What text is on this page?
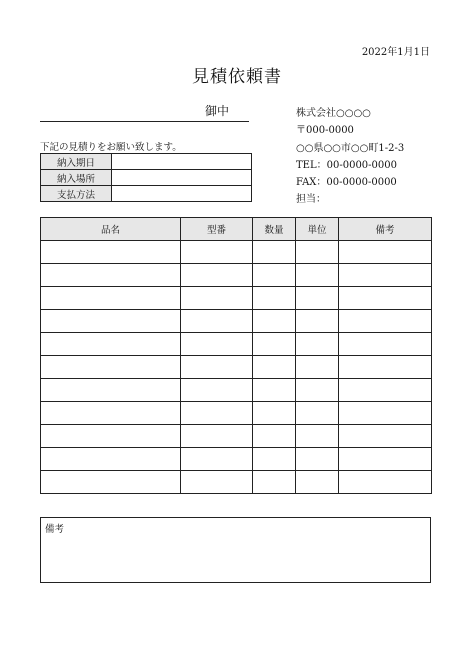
2022年1月1日
見積依頼書
御中
下記の見積りをお願い致します。
納入期日	
納入場所	
支払方法	
株式会社○○○○
〒000-0000
○○県○○市○○町1-2-3
TEL：00-0000-0000
FAX：00-0000-0000
担当：
品名	型番	数量	単位	備考

備考
